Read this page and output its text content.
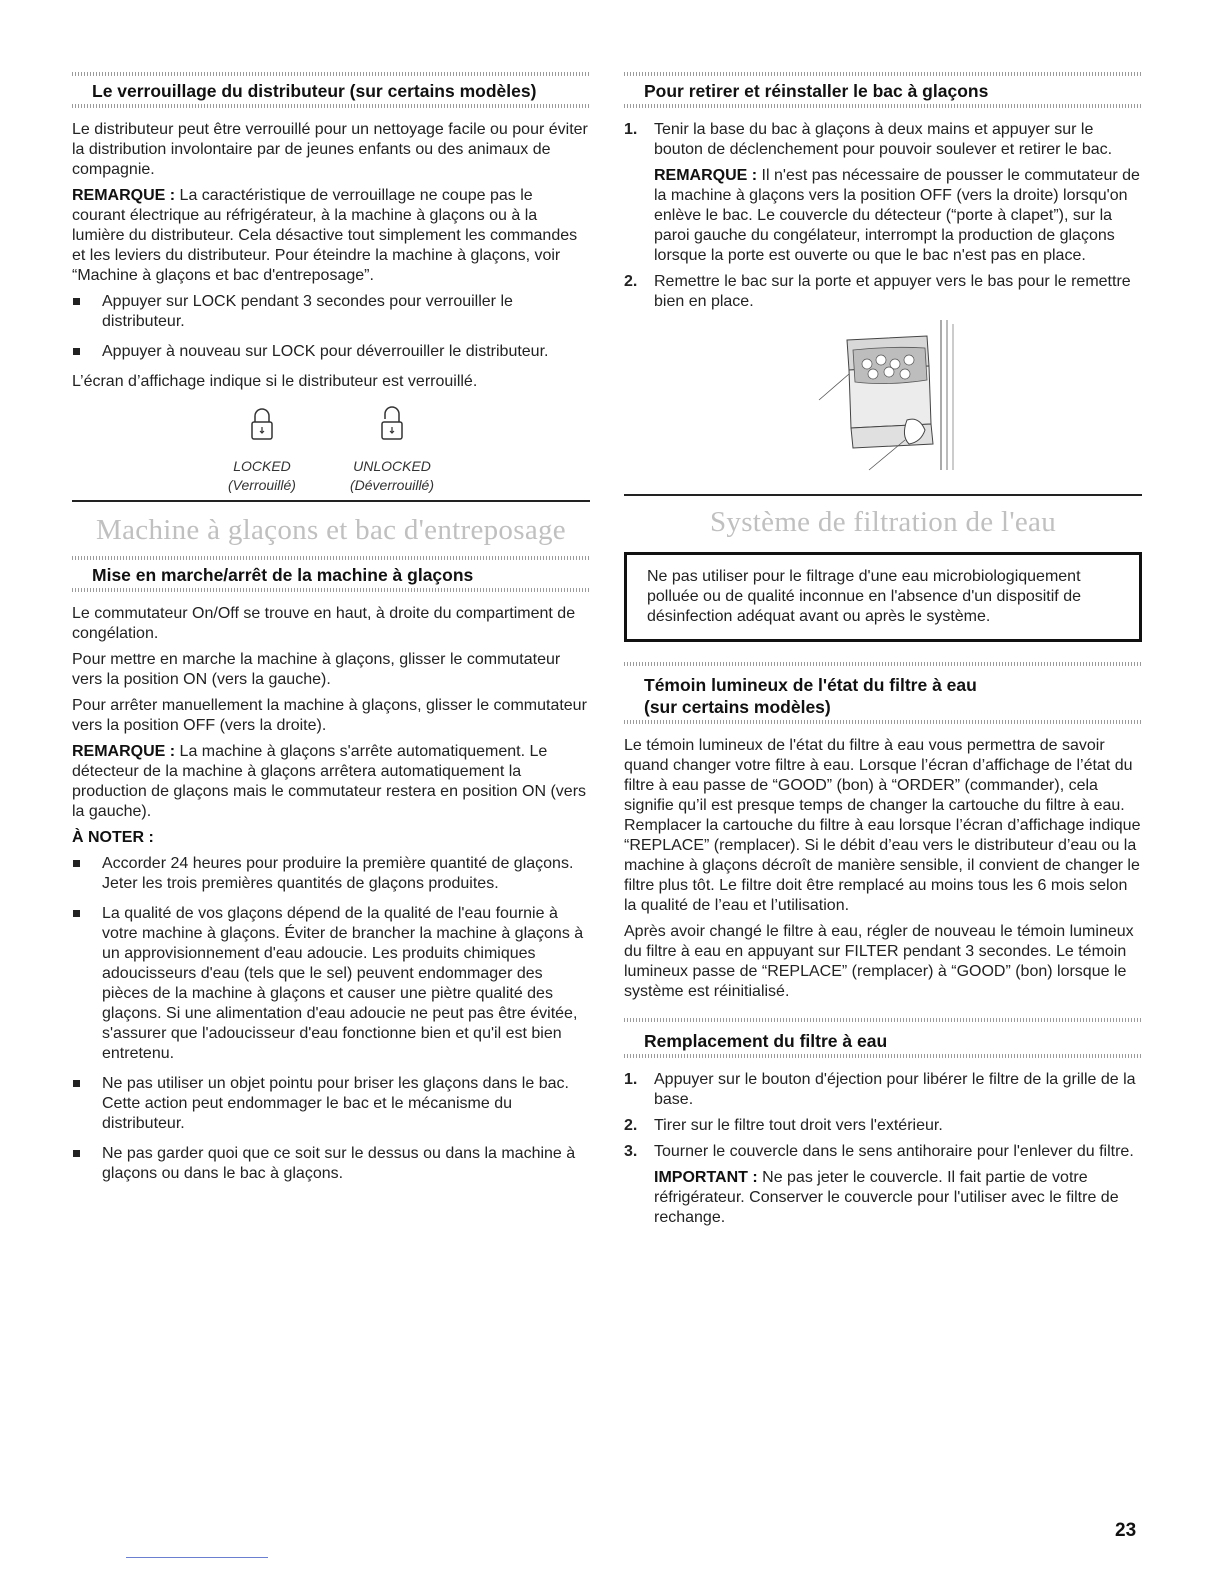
Le verrouillage du distributeur (sur certains modèles)

Le distributeur peut être verrouillé pour un nettoyage facile ou pour éviter la distribution involontaire par de jeunes enfants ou des animaux de compagnie.

REMARQUE : La caractéristique de verrouillage ne coupe pas le courant électrique au réfrigérateur, à la machine à glaçons ou à la lumière du distributeur. Cela désactive tout simplement les commandes et les leviers du distributeur. Pour éteindre la machine à glaçons, voir “Machine à glaçons et bac d'entreposage”.

Appuyer sur LOCK pendant 3 secondes pour verrouiller le distributeur.
Appuyer à nouveau sur LOCK pour déverrouiller le distributeur.

L’écran d’affichage indique si le distributeur est verrouillé.

LOCKED
(Verrouillé)
UNLOCKED
(Déverrouillé)
Machine à glaçons et bac d'entreposage
Mise en marche/arrêt de la machine à glaçons

Le commutateur On/Off se trouve en haut, à droite du compartiment de congélation.

Pour mettre en marche la machine à glaçons, glisser le commutateur vers la position ON (vers la gauche).

Pour arrêter manuellement la machine à glaçons, glisser le commutateur vers la position OFF (vers la droite).

REMARQUE : La machine à glaçons s'arrête automatiquement. Le détecteur de la machine à glaçons arrêtera automatiquement la production de glaçons mais le commutateur restera en position ON (vers la gauche).

À NOTER :

Accorder 24 heures pour produire la première quantité de glaçons. Jeter les trois premières quantités de glaçons produites.
La qualité de vos glaçons dépend de la qualité de l'eau fournie à votre machine à glaçons. Éviter de brancher la machine à glaçons à un approvisionnement d'eau adoucie. Les produits chimiques adoucisseurs d'eau (tels que le sel) peuvent endommager des pièces de la machine à glaçons et causer une piètre qualité des glaçons. Si une alimentation d'eau adoucie ne peut pas être évitée, s'assurer que l'adoucisseur d'eau fonctionne bien et qu'il est bien entretenu.
Ne pas utiliser un objet pointu pour briser les glaçons dans le bac. Cette action peut endommager le bac et le mécanisme du distributeur.
Ne pas garder quoi que ce soit sur le dessus ou dans la machine à glaçons ou dans le bac à glaçons.
Pour retirer et réinstaller le bac à glaçons
1. Tenir la base du bac à glaçons à deux mains et appuyer sur le bouton de déclenchement pour pouvoir soulever et retirer le bac.

REMARQUE : Il n'est pas nécessaire de pousser le commutateur de la machine à glaçons vers la position OFF (vers la droite) lorsqu'on enlève le bac. Le couvercle du détecteur (“porte à clapet”), sur la paroi gauche du congélateur, interrompt la production de glaçons lorsque la porte est ouverte ou que le bac n'est pas en place.

2. Remettre le bac sur la porte et appuyer vers le bas pour le remettre bien en place.
Système de filtration de l'eau

Ne pas utiliser pour le filtrage d'une eau microbiologiquement polluée ou de qualité inconnue en l'absence d'un dispositif de désinfection adéquat avant ou après le système.

Témoin lumineux de l'état du filtre à eau
(sur certains modèles)

Le témoin lumineux de l'état du filtre à eau vous permettra de savoir quand changer votre filtre à eau. Lorsque l’écran d’affichage de l’état du filtre à eau passe de “GOOD” (bon) à “ORDER” (commander), cela signifie qu’il est presque temps de changer la cartouche du filtre à eau. Remplacer la cartouche du filtre à eau lorsque l’écran d’affichage indique “REPLACE” (remplacer). Si le débit d’eau vers le distributeur d’eau ou la machine à glaçons décroît de manière sensible, il convient de changer le filtre plus tôt. Le filtre doit être remplacé au moins tous les 6 mois selon la qualité de l’eau et l’utilisation.

Après avoir changé le filtre à eau, régler de nouveau le témoin lumineux du filtre à eau en appuyant sur FILTER pendant 3 secondes. Le témoin lumineux passe de “REPLACE” (remplacer) à “GOOD” (bon) lorsque le système est réinitialisé.

Remplacement du filtre à eau
1. Appuyer sur le bouton d'éjection pour libérer le filtre de la grille de la base.
2. Tirer sur le filtre tout droit vers l'extérieur.
3. Tourner le couvercle dans le sens antihoraire pour l'enlever du filtre.

IMPORTANT : Ne pas jeter le couvercle. Il fait partie de votre réfrigérateur. Conserver le couvercle pour l'utiliser avec le filtre de rechange.

23
